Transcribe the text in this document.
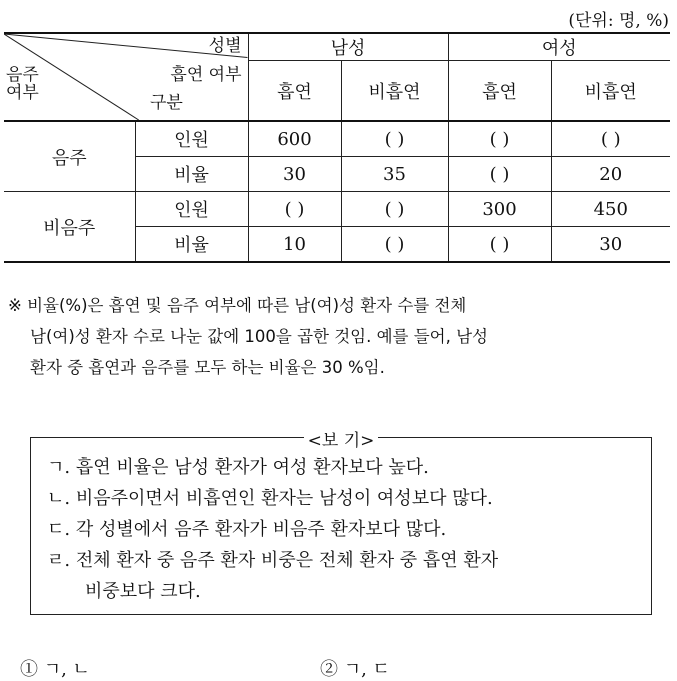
(단위: 명, %)
성별
흡연 여부
구분
음주
여부		남성		여성	
		흡연	비흡연	흡연	비흡연
음주	인원	600	( )	( )	( )
	비율	30	35	( )	20
비음주	인원	( )	( )	300	450
	비율	10	( )	( )	30
※ 비율(%)은 흡연 및 음주 여부에 따른 남(여)성 환자 수를 전체
남(여)성 환자 수로 나눈 값에 100을 곱한 것임. 예를 들어, 남성
환자 중 흡연과 음주를 모두 하는 비율은 30 %임.
<보 기>
ㄱ. 흡연 비율은 남성 환자가 여성 환자보다 높다.
ㄴ. 비음주이면서 비흡연인 환자는 남성이 여성보다 많다.
ㄷ. 각 성별에서 음주 환자가 비음주 환자보다 많다.
ㄹ. 전체 환자 중 음주 환자 비중은 전체 환자 중 흡연 환자
비중보다 크다.
① ㄱ, ㄴ	② ㄱ, ㄷ
